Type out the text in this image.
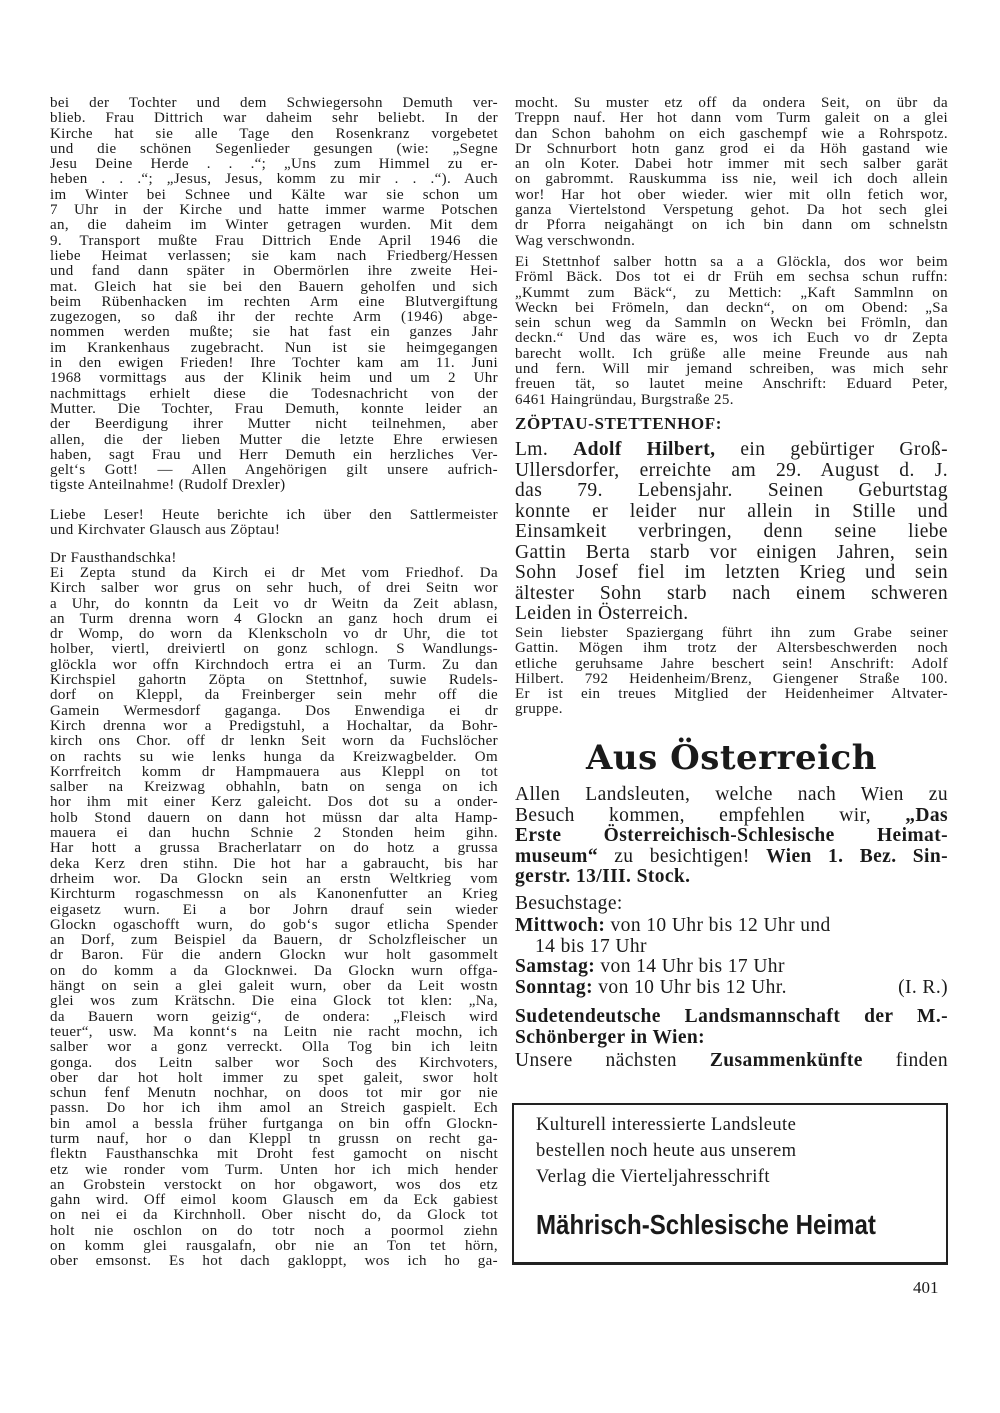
bei der Tochter und dem Schwiegersohn Demuth ver-
blieb. Frau Dittrich war daheim sehr beliebt. In der
Kirche hat sie alle Tage den Rosenkranz vorgebetet
und die schönen Segenlieder gesungen (wie: „Segne
Jesu Deine Herde . . .“; „Uns zum Himmel zu er-
heben . . .“; „Jesus, Jesus, komm zu mir . . .“). Auch
im Winter bei Schnee und Kälte war sie schon um
7 Uhr in der Kirche und hatte immer warme Potschen
an, die daheim im Winter getragen wurden. Mit dem
9. Transport mußte Frau Dittrich Ende April 1946 die
liebe Heimat verlassen; sie kam nach Friedberg/Hessen
und fand dann später in Obermörlen ihre zweite Hei-
mat. Gleich hat sie bei den Bauern geholfen und sich
beim Rübenhacken im rechten Arm eine Blutvergiftung
zugezogen, so daß ihr der rechte Arm (1946) abge-
nommen werden mußte; sie hat fast ein ganzes Jahr
im Krankenhaus zugebracht. Nun ist sie heimgegangen
in den ewigen Frieden! Ihre Tochter kam am 11. Juni
1968 vormittags aus der Klinik heim und um 2 Uhr
nachmittags erhielt diese die Todesnachricht von der
Mutter. Die Tochter, Frau Demuth, konnte leider an
der Beerdigung ihrer Mutter nicht teilnehmen, aber
allen, die der lieben Mutter die letzte Ehre erwiesen
haben, sagt Frau und Herr Demuth ein herzliches Ver-
gelt‘s Gott! — Allen Angehörigen gilt unsere aufrich-
tigste Anteilnahme! (Rudolf Drexler)
Liebe Leser! Heute berichte ich über den Sattlermeister
und Kirchvater Glausch aus Zöptau!
Dr Fausthandschka!
Ei Zepta stund da Kirch ei dr Met vom Friedhof. Da
Kirch salber wor grus on sehr huch, of drei Seitn wor
a Uhr, do konntn da Leit vo dr Weitn da Zeit ablasn,
an Turm drenna worn 4 Glockn an ganz hoch drum ei
dr Womp, do worn da Klenkscholn vo dr Uhr, die tot
holber, viertl, dreiviertl on gonz schlogn. S Wandlungs-
glöckla wor offn Kirchndoch ertra ei an Turm. Zu dan
Kirchspiel gahortn Zöpta on Stettnhof, suwie Rudels-
dorf on Kleppl, da Freinberger sein mehr off die
Gamein Wermesdorf gaganga. Dos Enwendiga ei dr
Kirch drenna wor a Predigstuhl, a Hochaltar, da Bohr-
kirch ons Chor. off dr lenkn Seit worn da Fuchslöcher
on rachts su wie lenks hunga da Kreizwagbelder. Om
Korrfreitch komm dr Hampmauera aus Kleppl on tot
salber na Kreizwag obhahln, batn on senga on ich
hor ihm mit einer Kerz galeicht. Dos dot su a onder-
holb Stond dauern on dann hot müssn dar alta Hamp-
mauera ei dan huchn Schnie 2 Stonden heim gihn.
Har hott a grussa Bracherlatarr on do hotz a grussa
deka Kerz dren stihn. Die hot har a gabraucht, bis har
drheim wor. Da Glockn sein an erstn Weltkrieg vom
Kirchturm rogaschmessn on als Kanonenfutter an Krieg
eigasetz wurn. Ei a bor Johrn drauf sein wieder
Glockn ogaschofft wurn, do gob‘s sugor etlicha Spender
an Dorf, zum Beispiel da Bauern, dr Scholzfleischer un
dr Baron. Für die andern Glockn wur holt gasommelt
on do komm a da Glocknwei. Da Glockn wurn offga-
hängt on sein a glei galeit wurn, ober da Leit wostn
glei wos zum Krätschn. Die eina Glock tot klen: „Na,
da Bauern worn geizig“, de ondera: „Fleisch wird
teuer“, usw. Ma konnt‘s na Leitn nie racht mochn, ich
salber wor a gonz verreckt. Olla Tog bin ich leitn
gonga. dos Leitn salber wor Soch des Kirchvoters,
ober dar hot holt immer zu spet galeit, swor holt
schun fenf Menutn nochhar, on doos tot mir gor nie
passn. Do hor ich ihm amol an Streich gaspielt. Ech
bin amol a bessla früher furtganga on bin offn Glockn-
turm nauf, hor o dan Kleppl tn grussn on recht ga-
flektn Fausthanschka mit Droht fest gamocht on nischt
etz wie ronder vom Turm. Unten hor ich mich hender
an Grobstein verstockt on hor obgawort, wos dos etz
gahn wird. Off eimol koom Glausch em da Eck gabiest
on nei ei da Kirchnholl. Ober nischt do, da Glock tot
holt nie oschlon on do totr noch a poormol ziehn
on komm glei rausgalafn, obr nie an Ton tet hörn,
ober emsonst. Es hot dach gakloppt, wos ich ho ga-
mocht. Su muster etz off da ondera Seit, on übr da
Treppn nauf. Her hot dann vom Turm galeit on a glei
dan Schon bahohm on eich gaschempf wie a Rohrspotz.
Dr Schnurbort hotn ganz grod ei da Höh gastand wie
an oln Koter. Dabei hotr immer mit sech salber garät
on gabrommt. Rauskumma iss nie, weil ich doch allein
wor! Har hot ober wieder. wier mit olln fetich wor,
ganza Viertelstond Verspetung gehot. Da hot sech glei
dr Pforra neigahängt on ich bin dann om schnelstn
Wag verschwondn.
Ei Stettnhof salber hottn sa a a Glöckla, dos wor beim
Fröml Bäck. Dos tot ei dr Früh em sechsa schun ruffn:
„Kummt zum Bäck“, zu Mettich: „Kaft Sammlnn on
Weckn bei Frömeln, dan deckn“, on om Obend: „Sa
sein schun weg da Sammln on Weckn bei Frömln, dan
deckn.“ Und das wäre es, wos ich Euch vo dr Zepta
barecht wollt. Ich grüße alle meine Freunde aus nah
und fern. Will mir jemand schreiben, was mich sehr
freuen tät, so lautet meine Anschrift: Eduard Peter,
6461 Haingründau, Burgstraße 25.
ZÖPTAU-STETTENHOF:
Lm. Adolf Hilbert, ein gebürtiger Groß-
Ullersdorfer, erreichte am 29. August d. J.
das 79. Lebensjahr. Seinen Geburtstag
konnte er leider nur allein in Stille und
Einsamkeit verbringen, denn seine liebe
Gattin Berta starb vor einigen Jahren, sein
Sohn Josef fiel im letzten Krieg und sein
ältester Sohn starb nach einem schweren
Leiden in Österreich.
Sein liebster Spaziergang führt ihn zum Grabe seiner
Gattin. Mögen ihm trotz der Altersbeschwerden noch
etliche geruhsame Jahre beschert sein! Anschrift: Adolf
Hilbert. 792 Heidenheim/Brenz, Giengener Straße 100.
Er ist ein treues Mitglied der Heidenheimer Altvater-
gruppe.
Aus Österreich
Allen Landsleuten, welche nach Wien zu
Besuch kommen, empfehlen wir, „Das
Erste Österreichisch-Schlesische Heimat-
museum“ zu besichtigen! Wien 1. Bez. Sin-
gerstr. 13/III. Stock.
Besuchstage:
Mittwoch: von 10 Uhr bis 12 Uhr und
14 bis 17 Uhr
Samstag: von 14 Uhr bis 17 Uhr
Sonntag: von 10 Uhr bis 12 Uhr.	(I. R.)
Sudetendeutsche Landsmannschaft der M.-
Schönberger in Wien:
Unsere nächsten Zusammenkünfte finden
Kulturell interessierte Landsleute
bestellen noch heute aus unserem
Verlag die Vierteljahresschrift
Mährisch-Schlesische Heimat
401
